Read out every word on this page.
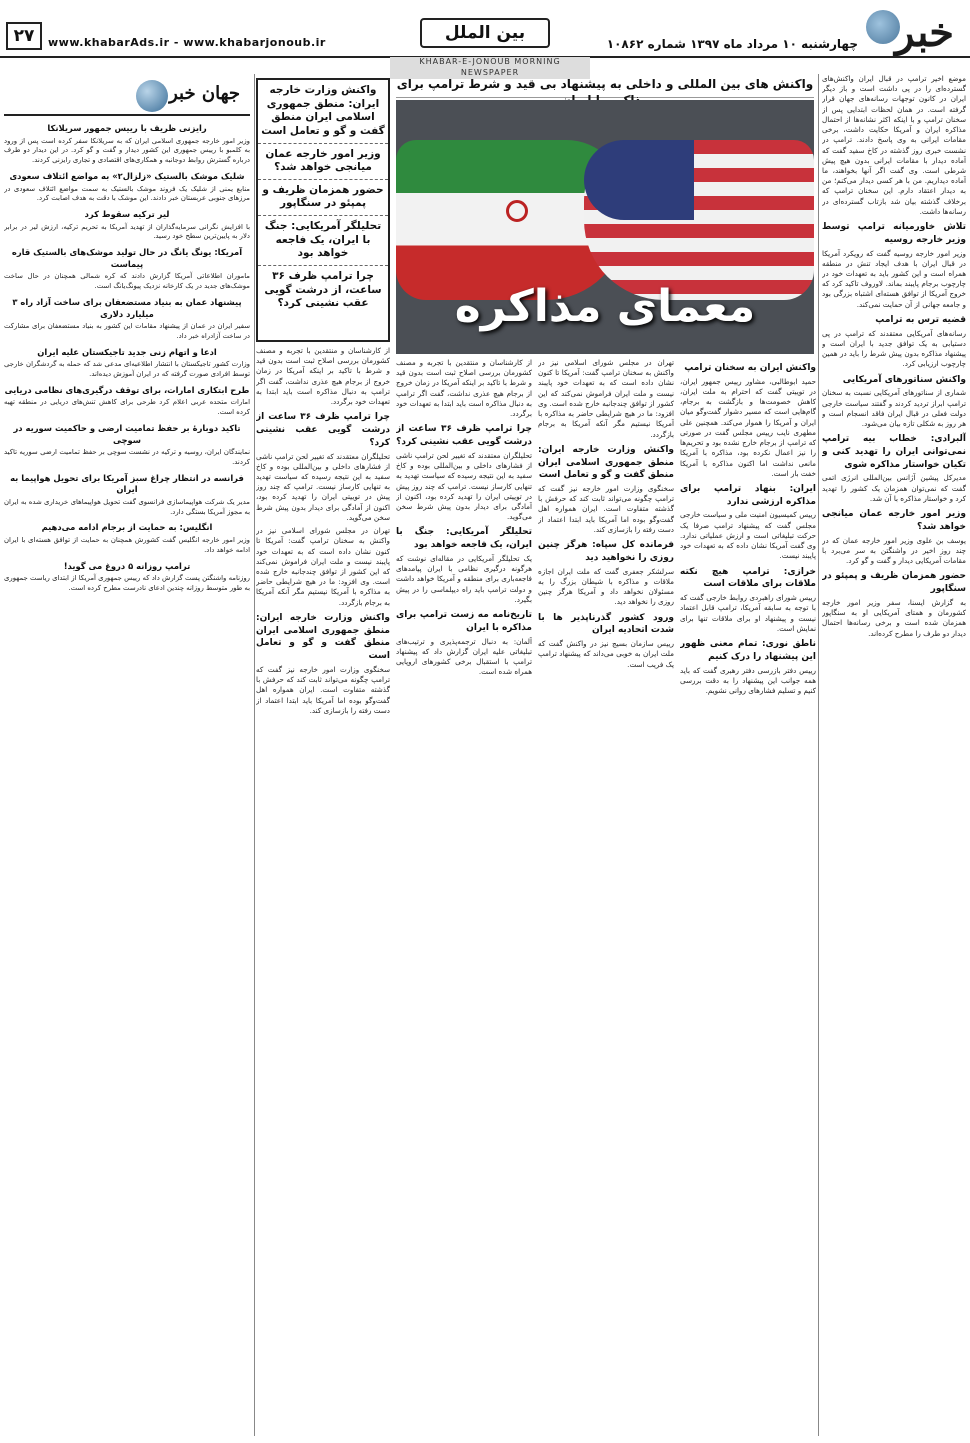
خبر
چهارشنبه ۱۰ مرداد ماه ۱۳۹۷ شماره ۱۰۸۶۲
بین الملل
www.khabarAds.ir - www.khabarjonoub.ir
۲۷
KHABAR-E-JONOUB MORNING NEWSPAPER
واکنش های بین المللی و داخلی به پیشنهاد بی قید و شرط ترامپ برای
معمای مذاکره

موضع اخیر ترامپ در قبال ایران واکنش‌های گسترده‌ای را در پی داشت است و باز دیگر ایران در کانون توجهات رسانه‌های جهان قرار گرفته است. در همان لحظات ابتدایی پس از سخنان ترامپ و با اینکه اکثر نشانه‌ها از احتمال مذاکره ایران و آمریکا حکایت داشت، برخی مقامات ایرانی به وی پاسخ دادند. ترامپ در نشست خبری روز گذشته در کاخ سفید گفت که آماده دیدار با مقامات ایرانی بدون هیچ پیش شرطی است. وی گفت اگر آنها بخواهند، ما آماده دیداریم. من با هر کسی دیدار می‌کنم؛ من به دیدار اعتقاد دارم. این سخنان ترامپ که برخلاف گذشته بیان شد بازتاب گسترده‌ای در رسانه‌ها داشت.

تلاش خاورمیانه ترامپ توسط وزیر خارجه روسیه

وزیر امور خارجه روسیه گفت که رویکرد آمریکا در قبال ایران با هدف ایجاد تنش در منطقه همراه است و این کشور باید به تعهدات خود در چارچوب برجام پایبند بماند. لاوروف تاکید کرد که خروج آمریکا از توافق هسته‌ای اشتباه بزرگی بود و جامعه جهانی از آن حمایت نمی‌کند.

قضیه ترس به ترامپ

رسانه‌های آمریکایی معتقدند که ترامپ در پی دستیابی به یک توافق جدید با ایران است و پیشنهاد مذاکره بدون پیش شرط را باید در همین چارچوب ارزیابی کرد.

واکنش سناتورهای آمریکایی

شماری از سناتورهای آمریکایی نسبت به سخنان ترامپ ابراز تردید کردند و گفتند سیاست خارجی دولت فعلی در قبال ایران فاقد انسجام است و هر روز به شکلی تازه بیان می‌شود.

آلبرادی: خطاب بیه ترامپ نمی‌توانی ایران را تهدید کنی و تکیان خواستار مذاکره شوی

مدیرکل پیشین آژانس بین‌المللی انرژی اتمی گفت که نمی‌توان همزمان یک کشور را تهدید کرد و خواستار مذاکره با آن شد.

وزیر امور خارجه عمان میانجی خواهد شد؟

یوسف بن علوی وزیر امور خارجه عمان که در چند روز اخیر در واشنگتن به سر می‌برد با مقامات آمریکایی دیدار و گفت و گو کرد.

حضور همزمان ظریف و پمپئو در سنگاپور

به گزارش ایسنا، سفر وزیر امور خارجه کشورمان و همتای آمریکایی او به سنگاپور همزمان شده است و برخی رسانه‌ها احتمال دیدار دو طرف را مطرح کرده‌اند.

واکنش ایران به سخنان ترامپ

حمید ابوطالبی، مشاور رییس جمهور ایران، در توییتی گفت که احترام به ملت ایران، کاهش خصومت‌ها و بازگشت به برجام، گام‌هایی است که مسیر دشوار گفت‌وگو میان ایران و آمریکا را هموار می‌کند. همچنین علی مطهری نایب رییس مجلس گفت در صورتی که ترامپ از برجام خارج نشده بود و تحریم‌ها را نیز اعمال نکرده بود، مذاکره با آمریکا مانعی نداشت اما اکنون مذاکره با آمریکا خفت بار است.

ایران: بنهاد ترامپ برای مذاکره ارزشی ندارد

رییس کمیسیون امنیت ملی و سیاست خارجی مجلس گفت که پیشنهاد ترامپ صرفا یک حرکت تبلیغاتی است و ارزش عملیاتی ندارد. وی گفت آمریکا نشان داده که به تعهدات خود پایبند نیست.

خرازی: ترامپ هیچ نکته ملاقات برای ملاقات است

رییس شورای راهبردی روابط خارجی گفت که با توجه به سابقه آمریکا، ترامپ قابل اعتماد نیست و پیشنهاد او برای ملاقات تنها برای نمایش است.

ناطق نوری: تمام معنی ظهور این پیشنهاد را درک کنیم

رییس دفتر بازرسی دفتر رهبری گفت که باید همه جوانب این پیشنهاد را به دقت بررسی کنیم و تسلیم فشارهای روانی نشویم.

تهران در مجلس شورای اسلامی نیز در واکنش به سخنان ترامپ گفت: آمریکا تا کنون نشان داده است که به تعهدات خود پایبند نیست و ملت ایران فراموش نمی‌کند که این کشور از توافق چندجانبه خارج شده است. وی افزود: ما در هیچ شرایطی حاضر به مذاکره با آمریکا نیستیم مگر آنکه آمریکا به برجام بازگردد.

واکنش وزارت خارجه ایران: منطق جمهوری اسلامی ایران منطق گفت و گو و تعامل است

سخنگوی وزارت امور خارجه نیز گفت که ترامپ چگونه می‌تواند ثابت کند که حرفش با گذشته متفاوت است. ایران همواره اهل گفت‌وگو بوده اما آمریکا باید ابتدا اعتماد از دست رفته را بازسازی کند.

فرمانده کل سپاه: هرگز چنین روزی را نخواهید دید

سرلشکر جعفری گفت که ملت ایران اجازه ملاقات و مذاکره با شیطان بزرگ را به مسئولان نخواهد داد و آمریکا هرگز چنین روزی را نخواهد دید.

ورود کشور گذرناپذیر ها با شدت اتحادیه ایران

رییس سازمان بسیج نیز در واکنش گفت که ملت ایران به خوبی می‌داند که پیشنهاد ترامپ یک فریب است.

از کارشناسان و منتقدین با تجربه و مصنف کشورمان بررسی اصلاح ثبت است بدون قید و شرط با تاکید بر اینکه آمریکا در زمان خروج از برجام هیچ عذری نداشت، گفت اگر ترامپ به دنبال مذاکره است باید ابتدا به تعهدات خود برگردد.

چرا ترامپ ظرف ۳۶ ساعت از درشت گویی عقب نشینی کرد؟

تحلیلگران معتقدند که تغییر لحن ترامپ ناشی از فشارهای داخلی و بین‌المللی بوده و کاخ سفید به این نتیجه رسیده که سیاست تهدید به تنهایی کارساز نیست. ترامپ که چند روز پیش در توییتی ایران را تهدید کرده بود، اکنون از آمادگی برای دیدار بدون پیش شرط سخن می‌گوید.

تحلیلگر آمریکایی: جنگ با ایران، یک فاجعه خواهد بود

یک تحلیلگر آمریکایی در مقاله‌ای نوشت که هرگونه درگیری نظامی با ایران پیامدهای فاجعه‌باری برای منطقه و آمریکا خواهد داشت و دولت ترامپ باید راه دیپلماسی را در پیش بگیرد.

تاریخ‌نامه مه زست ترامپ برای مذاکره با ایران

آلمان: به دنبال ترجمه‌پذیری و ترتیب‌های تبلیغاتی علیه ایران گزارش داد که پیشنهاد ترامپ با استقبال برخی کشورهای اروپایی همراه شده است.

از کارشناسان و منتقدین با تجربه و مصنف کشورمان بررسی اصلاح ثبت است بدون قید و شرط با تاکید بر اینکه آمریکا در زمان خروج از برجام هیچ عذری نداشت، گفت اگر ترامپ به دنبال مذاکره است باید ابتدا به تعهدات خود برگردد.

چرا ترامپ ظرف ۳۶ ساعت از درشت گویی عقب نشینی کرد؟

تحلیلگران معتقدند که تغییر لحن ترامپ ناشی از فشارهای داخلی و بین‌المللی بوده و کاخ سفید به این نتیجه رسیده که سیاست تهدید به تنهایی کارساز نیست. ترامپ که چند روز پیش در توییتی ایران را تهدید کرده بود، اکنون از آمادگی برای دیدار بدون پیش شرط سخن می‌گوید.

تهران در مجلس شورای اسلامی نیز در واکنش به سخنان ترامپ گفت: آمریکا تا کنون نشان داده است که به تعهدات خود پایبند نیست و ملت ایران فراموش نمی‌کند که این کشور از توافق چندجانبه خارج شده است. وی افزود: ما در هیچ شرایطی حاضر به مذاکره با آمریکا نیستیم مگر آنکه آمریکا به برجام بازگردد.

واکنش وزارت خارجه ایران: منطق جمهوری اسلامی ایران منطق گفت و گو و تعامل است

سخنگوی وزارت امور خارجه نیز گفت که ترامپ چگونه می‌تواند ثابت کند که حرفش با گذشته متفاوت است. ایران همواره اهل گفت‌وگو بوده اما آمریکا باید ابتدا اعتماد از دست رفته را بازسازی کند.

واکنش وزارت خارجه ایران: منطق جمهوری اسلامی ایران منطق گفت و گو و تعامل است
وزیر امور خارجه عمان میانجی خواهد شد؟
حضور همزمان ظریف و پمپئو در سنگاپور
تحلیلگر آمریکایی: جنگ با ایران، یک فاجعه خواهد بود
چرا ترامپ ظرف ۳۶ ساعت، از درشت گویی عقب نشینی کرد؟
جهان خبر
رایزنی ظریف با رییس جمهور سریلانکا

وزیر امور خارجه جمهوری اسلامی ایران که به سریلانکا سفر کرده است پس از ورود به کلمبو با رییس جمهوری این کشور دیدار و گفت و گو کرد. در این دیدار دو طرف درباره گسترش روابط دوجانبه و همکاری‌های اقتصادی و تجاری رایزنی کردند.

شلیک موشک بالستیک «زلزال۲» به مواضع ائتلاف سعودی

منابع یمنی از شلیک یک فروند موشک بالستیک به سمت مواضع ائتلاف سعودی در مرزهای جنوبی عربستان خبر دادند. این موشک با دقت به هدف اصابت کرد.

لیر ترکیه سقوط کرد

با افزایش نگرانی سرمایه‌گذاران از تهدید آمریکا به تحریم ترکیه، ارزش لیر در برابر دلار به پایین‌ترین سطح خود رسید.

آمریکا: یونگ یانگ در حال تولید موشک‌های بالستیک قاره پیماست

ماموران اطلاعاتی آمریکا گزارش دادند که کره شمالی همچنان در حال ساخت موشک‌های جدید در یک کارخانه نزدیک پیونگ‌یانگ است.

پیشنهاد عمان به بنیاد مستضعفان برای ساخت آزاد راه ۳ میلیارد دلاری

سفیر ایران در عمان از پیشنهاد مقامات این کشور به بنیاد مستضعفان برای مشارکت در ساخت آزادراه خبر داد.

ادعا و اتهام زنی جدید تاجیکستان علیه ایران

وزارت کشور تاجیکستان با انتشار اطلاعیه‌ای مدعی شد که حمله به گردشگران خارجی توسط افرادی صورت گرفته که در ایران آموزش دیده‌اند.

طرح ابتکاری امارات، برای توقف درگیری‌های نظامی دریایی

امارات متحده عربی اعلام کرد طرحی برای کاهش تنش‌های دریایی در منطقه تهیه کرده است.

تاکید دوبارۀ بر حفظ تمامیت ارضی و حاکمیت سوریه در سوچی

نمایندگان ایران، روسیه و ترکیه در نشست سوچی بر حفظ تمامیت ارضی سوریه تاکید کردند.

فرانسه در انتظار چراغ سبز آمریکا برای تحویل هواپیما به ایران

مدیر یک شرکت هواپیماسازی فرانسوی گفت تحویل هواپیماهای خریداری شده به ایران به مجوز آمریکا بستگی دارد.

انگلیس: به حمایت از برجام ادامه می‌دهیم

وزیر امور خارجه انگلیس گفت کشورش همچنان به حمایت از توافق هسته‌ای با ایران ادامه خواهد داد.

ترامپ روزانه ۵ دروغ می گوید!

روزنامه واشنگتن پست گزارش داد که رییس جمهوری آمریکا از ابتدای ریاست جمهوری به طور متوسط روزانه چندین ادعای نادرست مطرح کرده است.
